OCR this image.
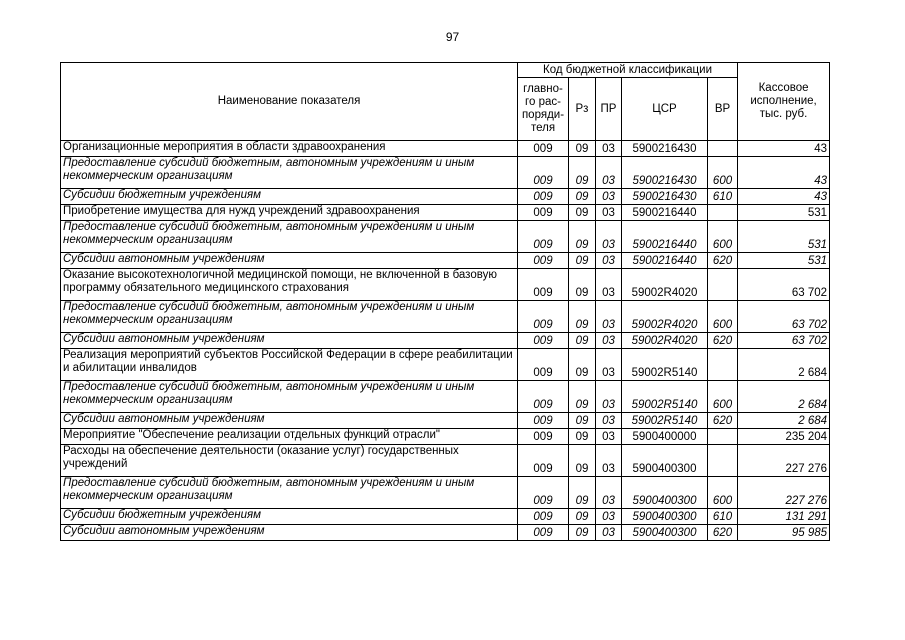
97
Наименование показателя	Код бюджетной классификации					Кассовое исполнение, тыс. руб.
	главно-го рас-поряди-теля	Рз	ПР	ЦСР	ВР	
Организационные мероприятия в области здравоохранения	009	09	03	5900216430		43
Предоставление субсидий бюджетным, автономным учреждениям и иным некоммерческим организациям	009	09	03	5900216430	600	43
Субсидии бюджетным учреждениям	009	09	03	5900216430	610	43
Приобретение имущества для нужд учреждений здравоохранения	009	09	03	5900216440		531
Предоставление субсидий бюджетным, автономным учреждениям и иным некоммерческим организациям	009	09	03	5900216440	600	531
Субсидии автономным учреждениям	009	09	03	5900216440	620	531
Оказание высокотехнологичной медицинской помощи, не включенной в базовую программу обязательного медицинского страхования	009	09	03	59002R4020		63 702
Предоставление субсидий бюджетным, автономным учреждениям и иным некоммерческим организациям	009	09	03	59002R4020	600	63 702
Субсидии автономным учреждениям	009	09	03	59002R4020	620	63 702
Реализация мероприятий субъектов Российской Федерации в сфере реабилитации и абилитации инвалидов	009	09	03	59002R5140		2 684
Предоставление субсидий бюджетным, автономным учреждениям и иным некоммерческим организациям	009	09	03	59002R5140	600	2 684
Субсидии автономным учреждениям	009	09	03	59002R5140	620	2 684
Мероприятие "Обеспечение реализации отдельных функций отрасли"	009	09	03	5900400000		235 204
Расходы на обеспечение деятельности (оказание услуг) государственных учреждений	009	09	03	5900400300		227 276
Предоставление субсидий бюджетным, автономным учреждениям и иным некоммерческим организациям	009	09	03	5900400300	600	227 276
Субсидии бюджетным учреждениям	009	09	03	5900400300	610	131 291
Субсидии автономным учреждениям	009	09	03	5900400300	620	95 985
